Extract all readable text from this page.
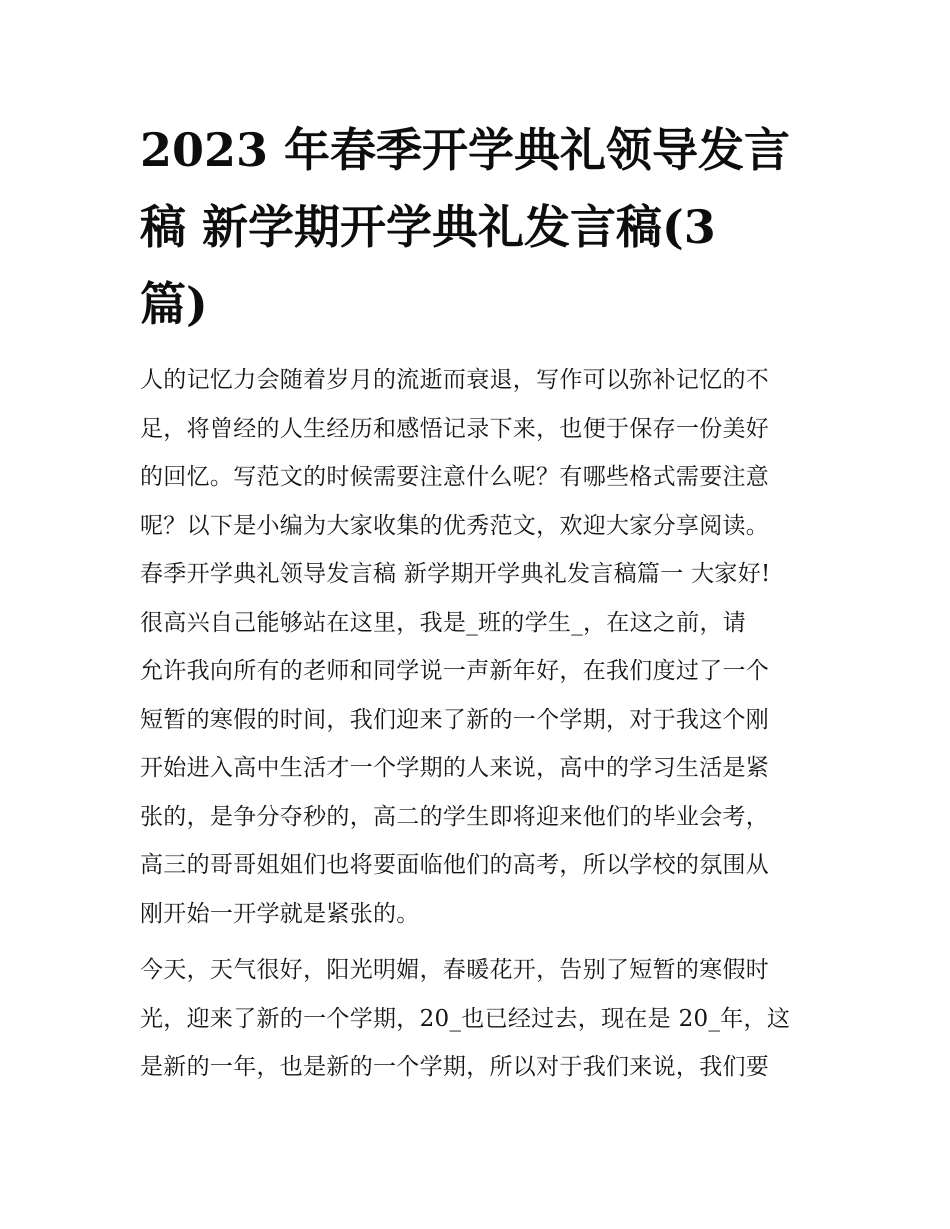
2023 年春季开学典礼领导发言
稿 新学期开学典礼发言稿(3
篇)
人的记忆力会随着岁月的流逝而衰退，写作可以弥补记忆的不
足，将曾经的人生经历和感悟记录下来，也便于保存一份美好
的回忆。写范文的时候需要注意什么呢？有哪些格式需要注意
呢？以下是小编为大家收集的优秀范文，欢迎大家分享阅读。
春季开学典礼领导发言稿 新学期开学典礼发言稿篇一 大家好!
很高兴自己能够站在这里，我是_班的学生_，在这之前，请
允许我向所有的老师和同学说一声新年好，在我们度过了一个
短暂的寒假的时间，我们迎来了新的一个学期，对于我这个刚
开始进入高中生活才一个学期的人来说，高中的学习生活是紧
张的，是争分夺秒的，高二的学生即将迎来他们的毕业会考，
高三的哥哥姐姐们也将要面临他们的高考，所以学校的氛围从
刚开始一开学就是紧张的。
今天，天气很好，阳光明媚，春暖花开，告别了短暂的寒假时
光，迎来了新的一个学期，20_也已经过去，现在是 20_年，这
是新的一年，也是新的一个学期，所以对于我们来说，我们要
